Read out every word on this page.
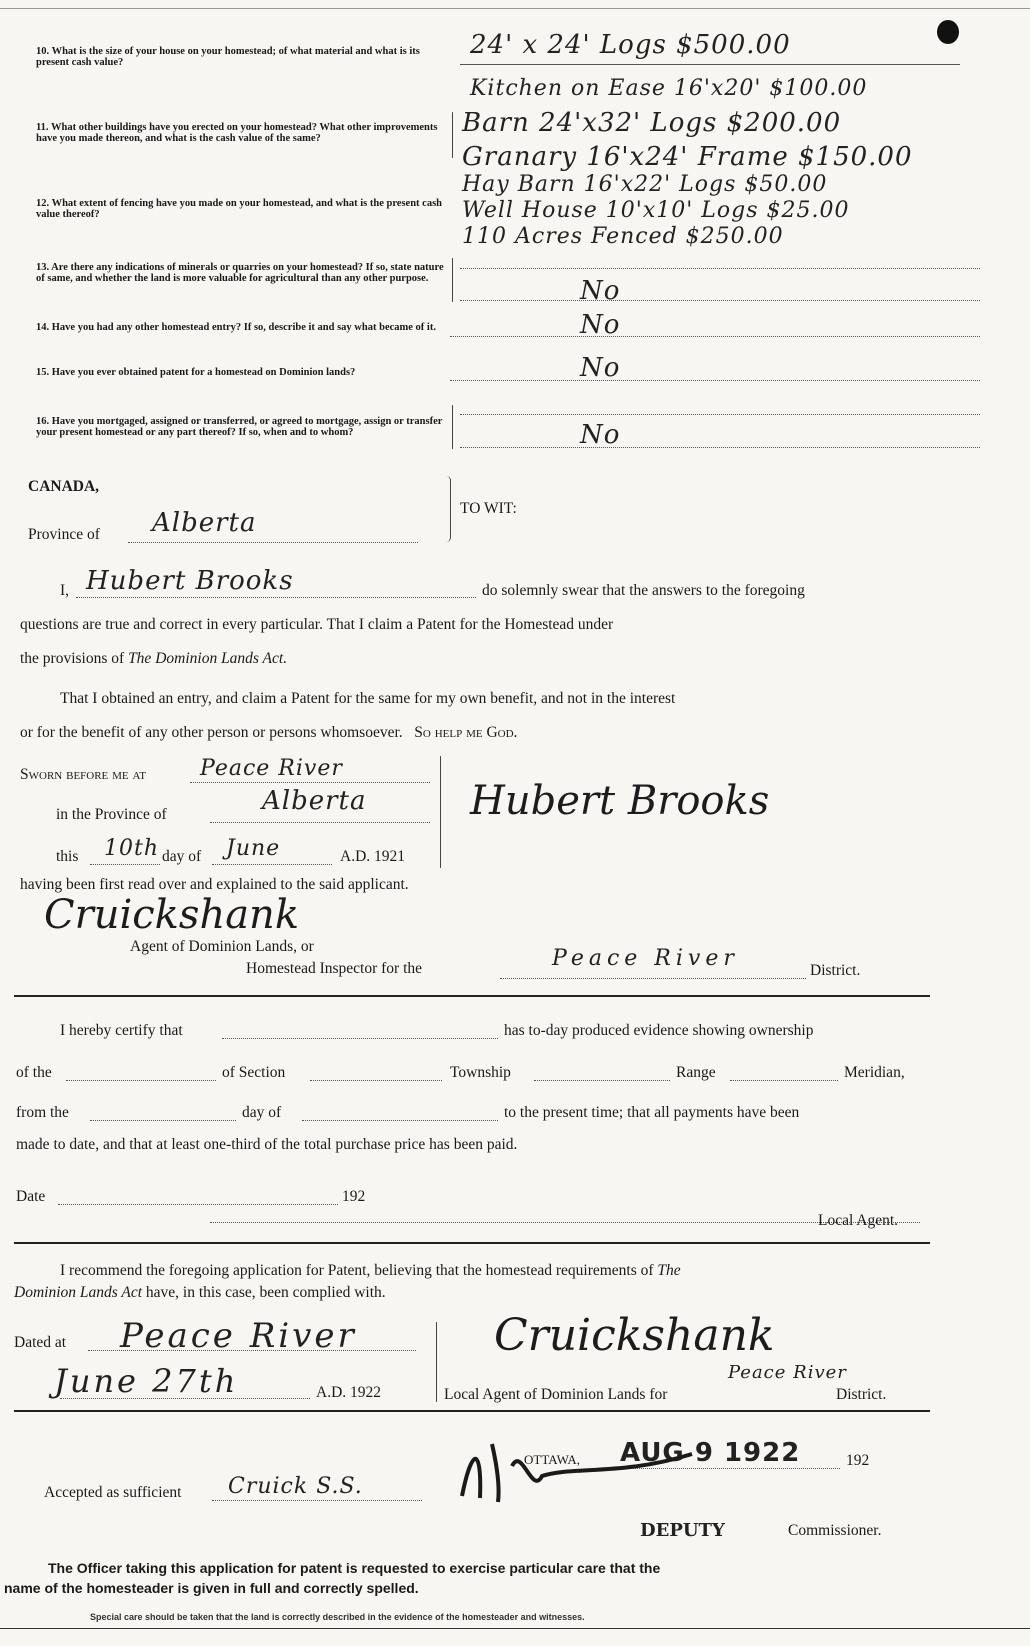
10. What is the size of your house on your homestead; of what material and what is its present cash value?
24' x 24' Logs $500.00
11. What other buildings have you erected on your homestead? What other improvements have you made thereon, and what is the cash value of the same?
Kitchen on Ease 16'x20' $100.00
Barn 24'x32' Logs $200.00
Granary 16'x24' Frame $150.00
12. What extent of fencing have you made on your homestead, and what is the present cash value thereof?
Hay Barn 16'x22' Logs $50.00
Well House 10'x10' Logs $25.00
110 Acres Fenced $250.00
13. Are there any indications of minerals or quarries on your homestead? If so, state nature of same, and whether the land is more valuable for agricultural than any other purpose.	No
14. Have you had any other homestead entry? If so, describe it and say what became of it.	No
15. Have you ever obtained patent for a homestead on Dominion lands?	No
16. Have you mortgaged, assigned or transferred, or agreed to mortgage, assign or transfer your present homestead or any part thereof? If so, when and to whom?	No
CANADA,
Province of Alberta	TO WIT:
I, Hubert Brooks	do solemnly swear that the answers to the foregoing
questions are true and correct in every particular. That I claim a Patent for the Homestead under
the provisions of The Dominion Lands Act.
That I obtained an entry, and claim a Patent for the same for my own benefit, and not in the interest
or for the benefit of any other person or persons whomsoever. So help me God.
Sworn before me at Peace River
in the Province of	Alberta
this 10th day of June	A.D. 1921
Hubert Brooks
having been first read over and explained to the said applicant.
Cruickshank
Agent of Dominion Lands, or
Homestead Inspector for the	Peace River	District.
I hereby certify that	has to-day produced evidence showing ownership
of the	of Section	Township	Range	Meridian,
from the	day of	to the present time; that all payments have been
made to date, and that at least one-third of the total purchase price has been paid.
Date	192
Local Agent.
I recommend the foregoing application for Patent, believing that the homestead requirements of The
Dominion Lands Act have, in this case, been complied with.
Dated at Peace River
June 27th	A.D. 1922
Cruickshank
Local Agent of Dominion Lands for
Peace River
District.
OTTAWA, AUG 9 1922	192
Accepted as sufficient Cruick S.S.
DEPUTY	Commissioner.
The Officer taking this application for patent is requested to exercise particular care that the
name of the homesteader is given in full and correctly spelled.
Special care should be taken that the land is correctly described in the evidence of the homesteader and witnesses.
